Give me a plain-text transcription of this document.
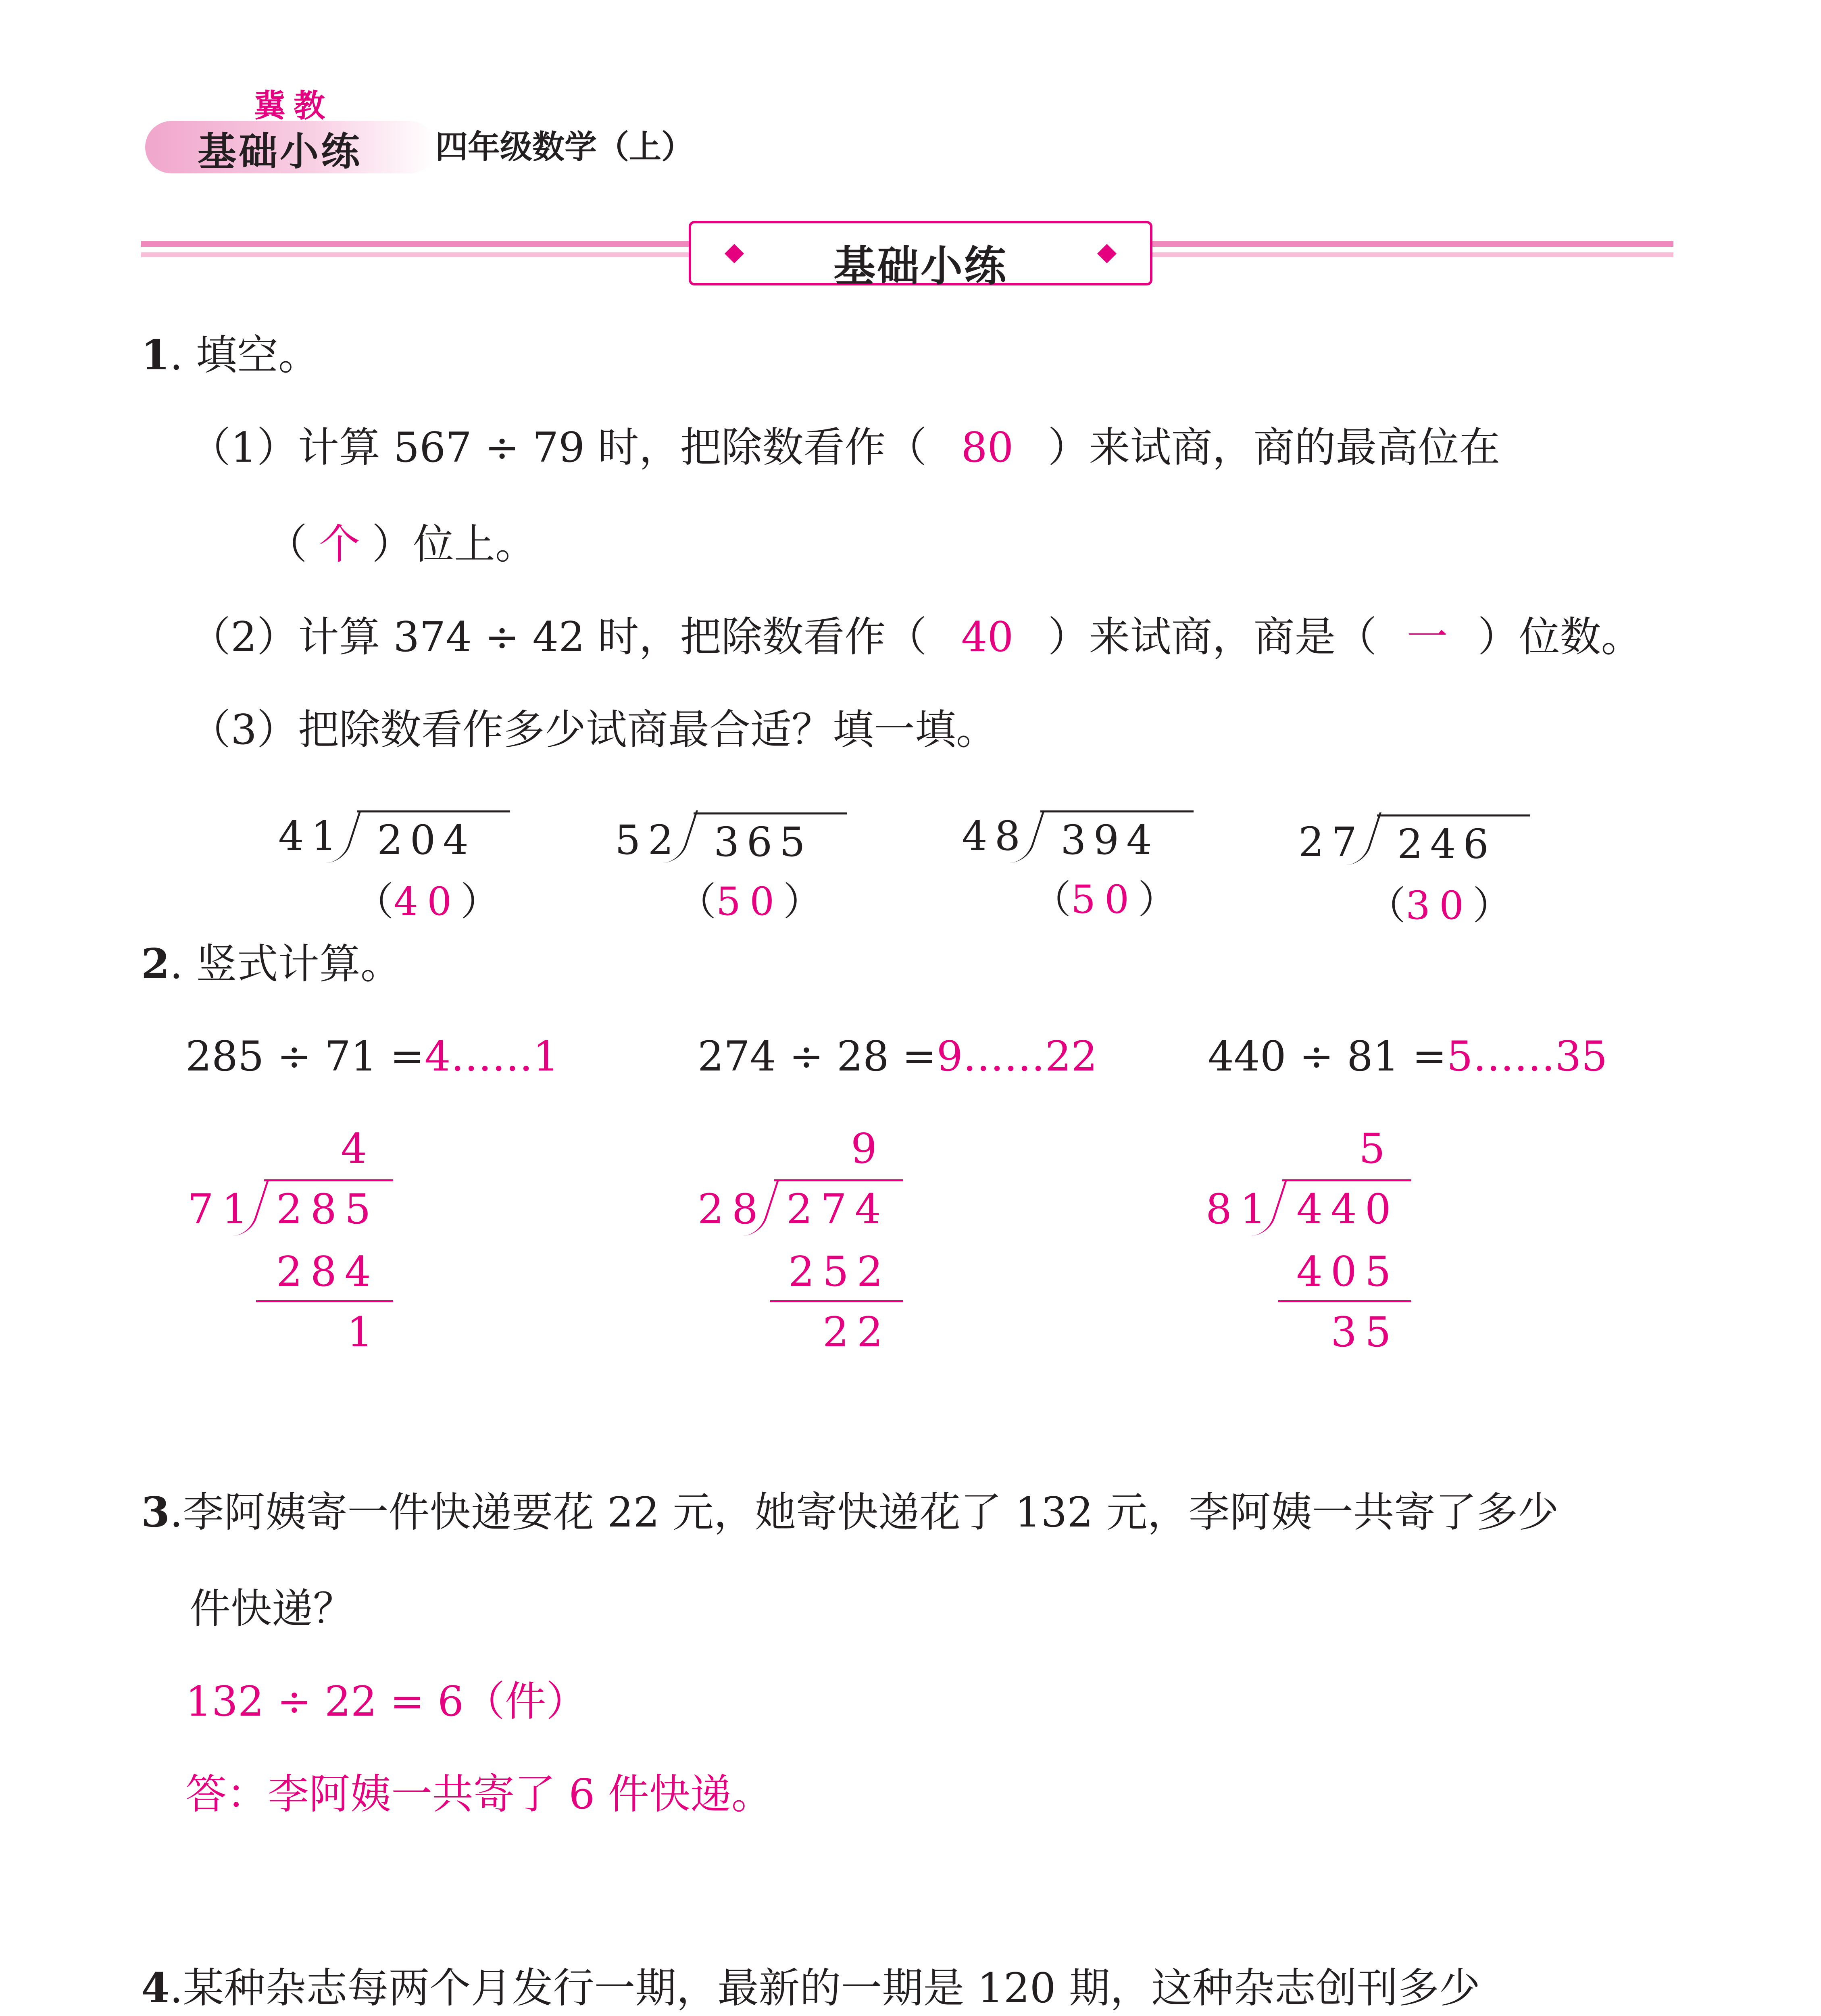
冀教
基础小练 四年级数学（上）
基础小练
1. 填空。
（1）计算 567 ÷ 79 时，把除数看作（ 80 ）来试商，商的最高位在
（ 个 ）位上。
（2）计算 374 ÷ 42 时，把除数看作（ 40 ）来试商，商是（ 一 ）位数。
（3）把除数看作多少试商最合适？填一填。
41 204
（40）
52 365
（50）
48 394
（50）
27 246
（30）
2. 竖式计算。
285 ÷ 71 =4……1	274 ÷ 28 =9……22	440 ÷ 81 =5……35
4
71 285
284
1
9
28 274
252
22
5
81 440
405
35
3.李阿姨寄一件快递要花 22 元，她寄快递花了 132 元，李阿姨一共寄了多少
件快递？
132 ÷ 22 = 6（件）
答：李阿姨一共寄了 6 件快递。
4.某种杂志每两个月发行一期，最新的一期是 120 期，这种杂志创刊多少
